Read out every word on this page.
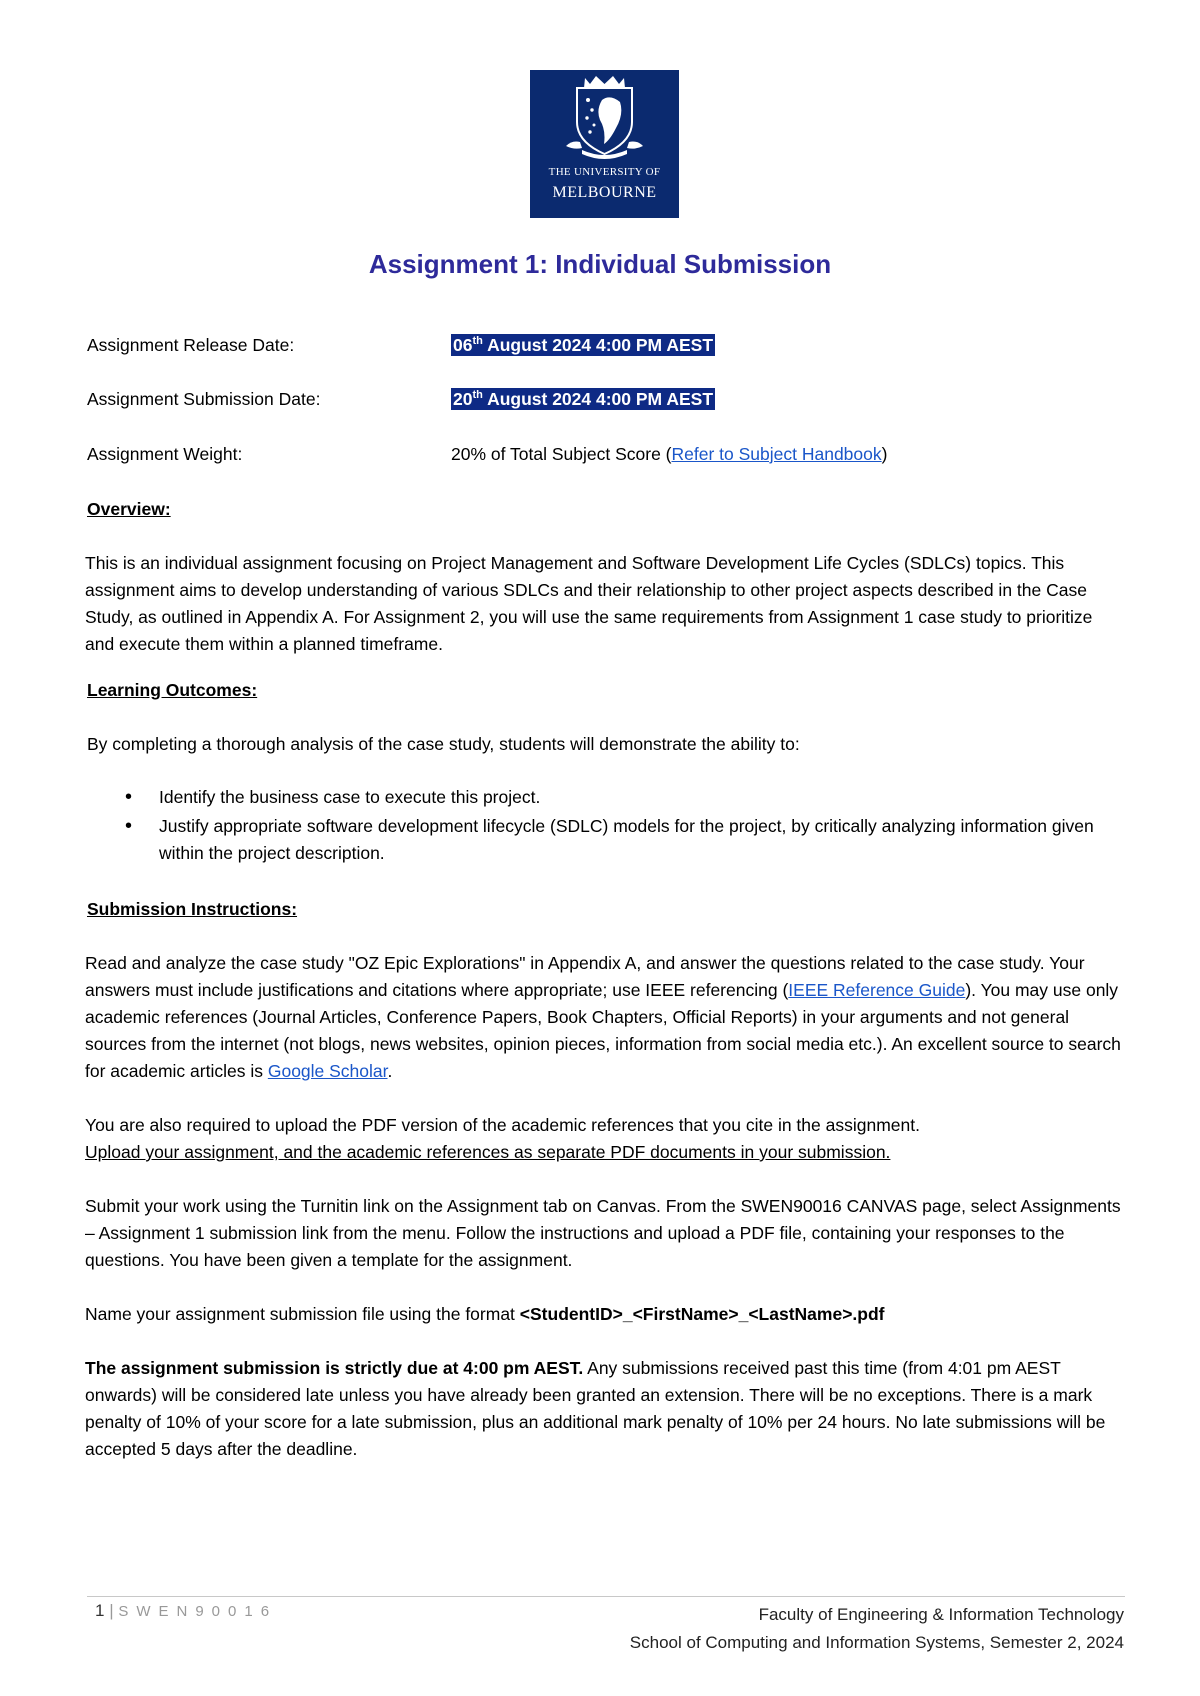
THE UNIVERSITY OF
MELBOURNE
Assignment 1: Individual Submission
Assignment Release Date:	06th August 2024 4:00 PM AEST
Assignment Submission Date:	20th August 2024 4:00 PM AEST
Assignment Weight:	20% of Total Subject Score (Refer to Subject Handbook)
Overview:
This is an individual assignment focusing on Project Management and Software Development Life Cycles (SDLCs) topics. This assignment aims to develop understanding of various SDLCs and their relationship to other project aspects described in the Case Study, as outlined in Appendix A. For Assignment 2, you will use the same requirements from Assignment 1 case study to prioritize and execute them within a planned timeframe.
Learning Outcomes:
By completing a thorough analysis of the case study, students will demonstrate the ability to:
• Identify the business case to execute this project.
• Justify appropriate software development lifecycle (SDLC) models for the project, by critically analyzing information given within the project description.
Submission Instructions:
Read and analyze the case study "OZ Epic Explorations" in Appendix A, and answer the questions related to the case study. Your answers must include justifications and citations where appropriate; use IEEE referencing (IEEE Reference Guide). You may use only academic references (Journal Articles, Conference Papers, Book Chapters, Official Reports) in your arguments and not general sources from the internet (not blogs, news websites, opinion pieces, information from social media etc.). An excellent source to search for academic articles is Google Scholar.
You are also required to upload the PDF version of the academic references that you cite in the assignment.
Upload your assignment, and the academic references as separate PDF documents in your submission.
Submit your work using the Turnitin link on the Assignment tab on Canvas. From the SWEN90016 CANVAS page, select Assignments – Assignment 1 submission link from the menu. Follow the instructions and upload a PDF file, containing your responses to the questions. You have been given a template for the assignment.
Name your assignment submission file using the format <StudentID>_<FirstName>_<LastName>.pdf
The assignment submission is strictly due at 4:00 pm AEST. Any submissions received past this time (from 4:01 pm AEST onwards) will be considered late unless you have already been granted an extension. There will be no exceptions. There is a mark penalty of 10% of your score for a late submission, plus an additional mark penalty of 10% per 24 hours. No late submissions will be accepted 5 days after the deadline.
1 | SWEN90016	Faculty of Engineering & Information Technology
School of Computing and Information Systems, Semester 2, 2024
